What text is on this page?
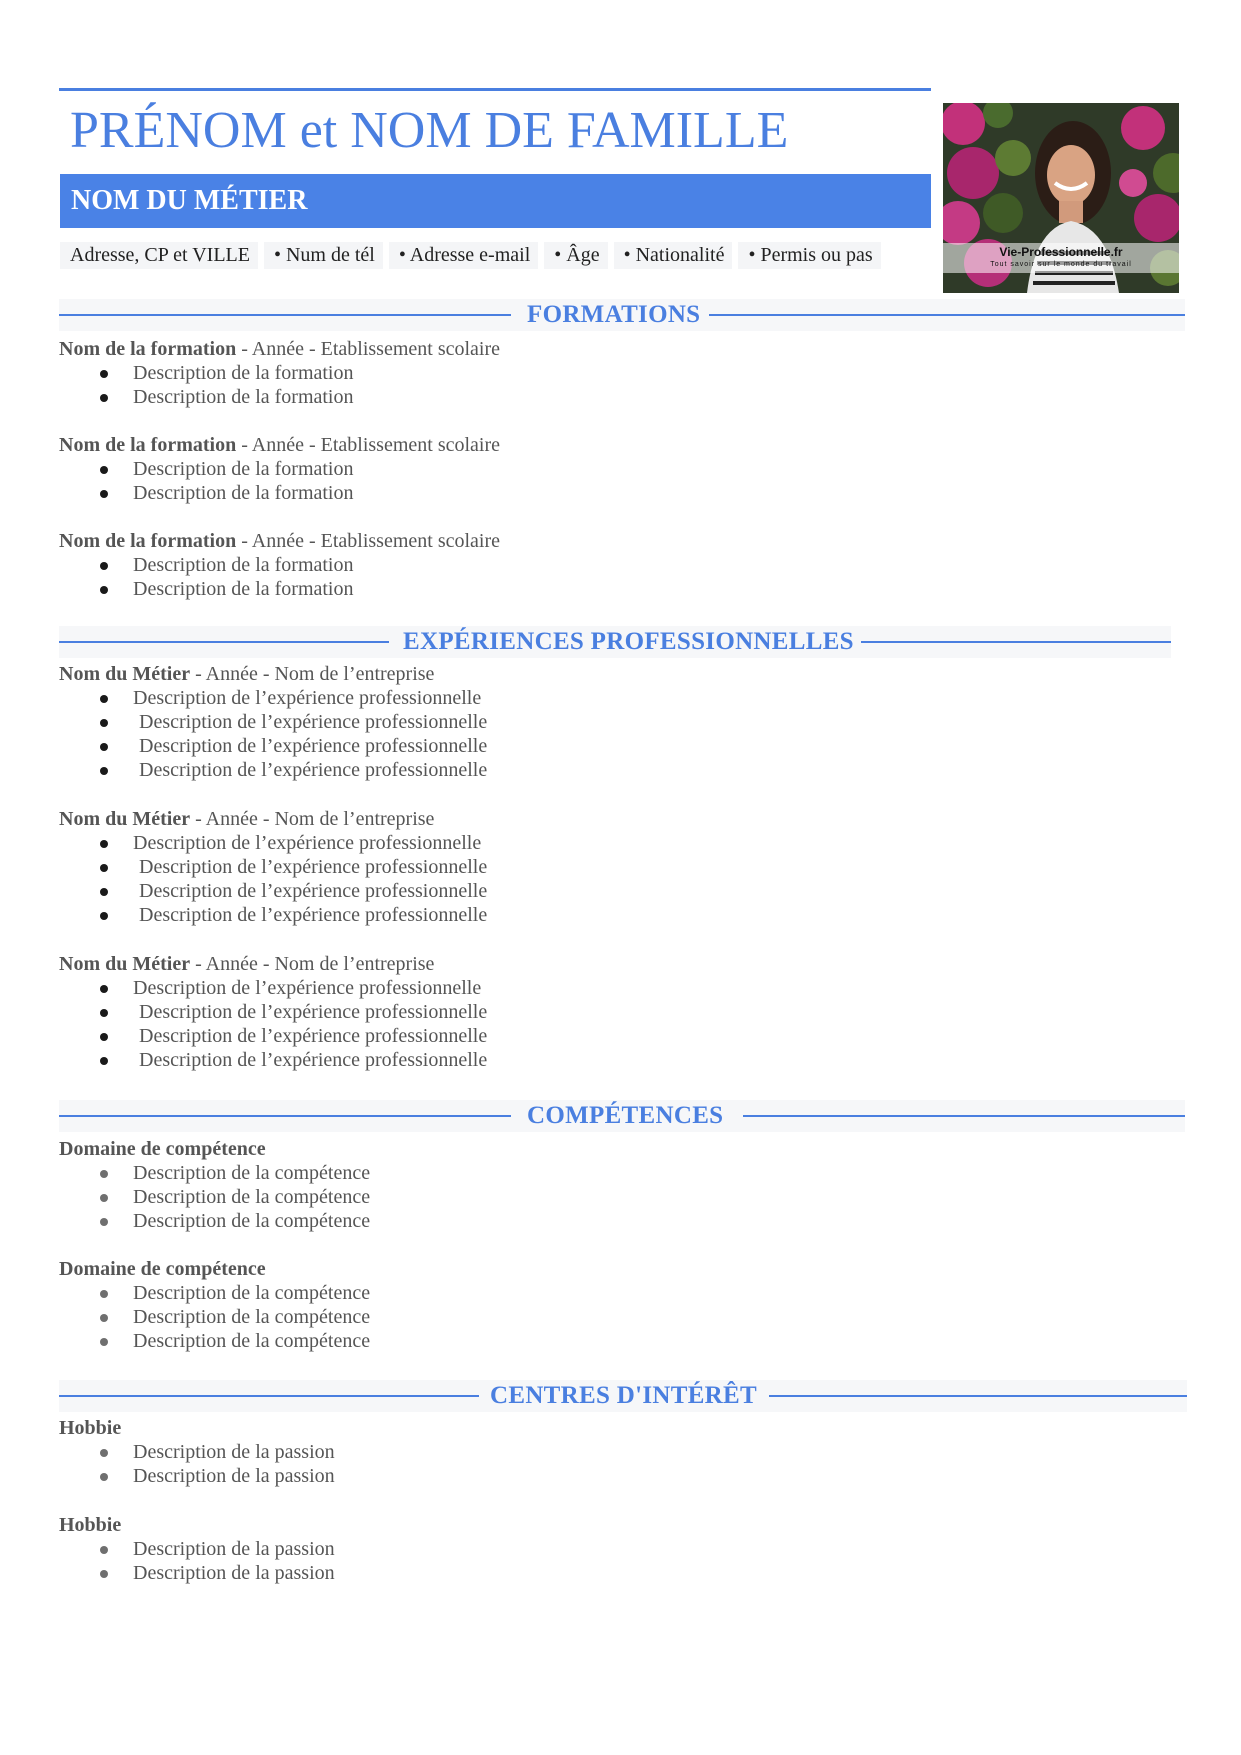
PRÉNOM et NOM DE FAMILLE
NOM DU MÉTIER
Adresse, CP et VILLE	• Num de tél	• Adresse e-mail	• Âge	• Nationalité	• Permis ou pas	Vie-Professionnelle.fr
Tout savoir sur le monde du travail
FORMATIONS
Nom de la formation - Année - Etablissement scolaire
Description de la formation
Description de la formation
Nom de la formation - Année - Etablissement scolaire
Description de la formation
Description de la formation
Nom de la formation - Année - Etablissement scolaire
Description de la formation
Description de la formation
EXPÉRIENCES PROFESSIONNELLES
Nom du Métier - Année - Nom de l’entreprise
Description de l’expérience professionnelle
Description de l’expérience professionnelle
Description de l’expérience professionnelle
Description de l’expérience professionnelle
Nom du Métier - Année - Nom de l’entreprise
Description de l’expérience professionnelle
Description de l’expérience professionnelle
Description de l’expérience professionnelle
Description de l’expérience professionnelle
Nom du Métier - Année - Nom de l’entreprise
Description de l’expérience professionnelle
Description de l’expérience professionnelle
Description de l’expérience professionnelle
Description de l’expérience professionnelle
COMPÉTENCES
Domaine de compétence
Description de la compétence
Description de la compétence
Description de la compétence
Domaine de compétence
Description de la compétence
Description de la compétence
Description de la compétence
CENTRES D'INTÉRÊT
Hobbie
Description de la passion
Description de la passion
Hobbie
Description de la passion
Description de la passion
